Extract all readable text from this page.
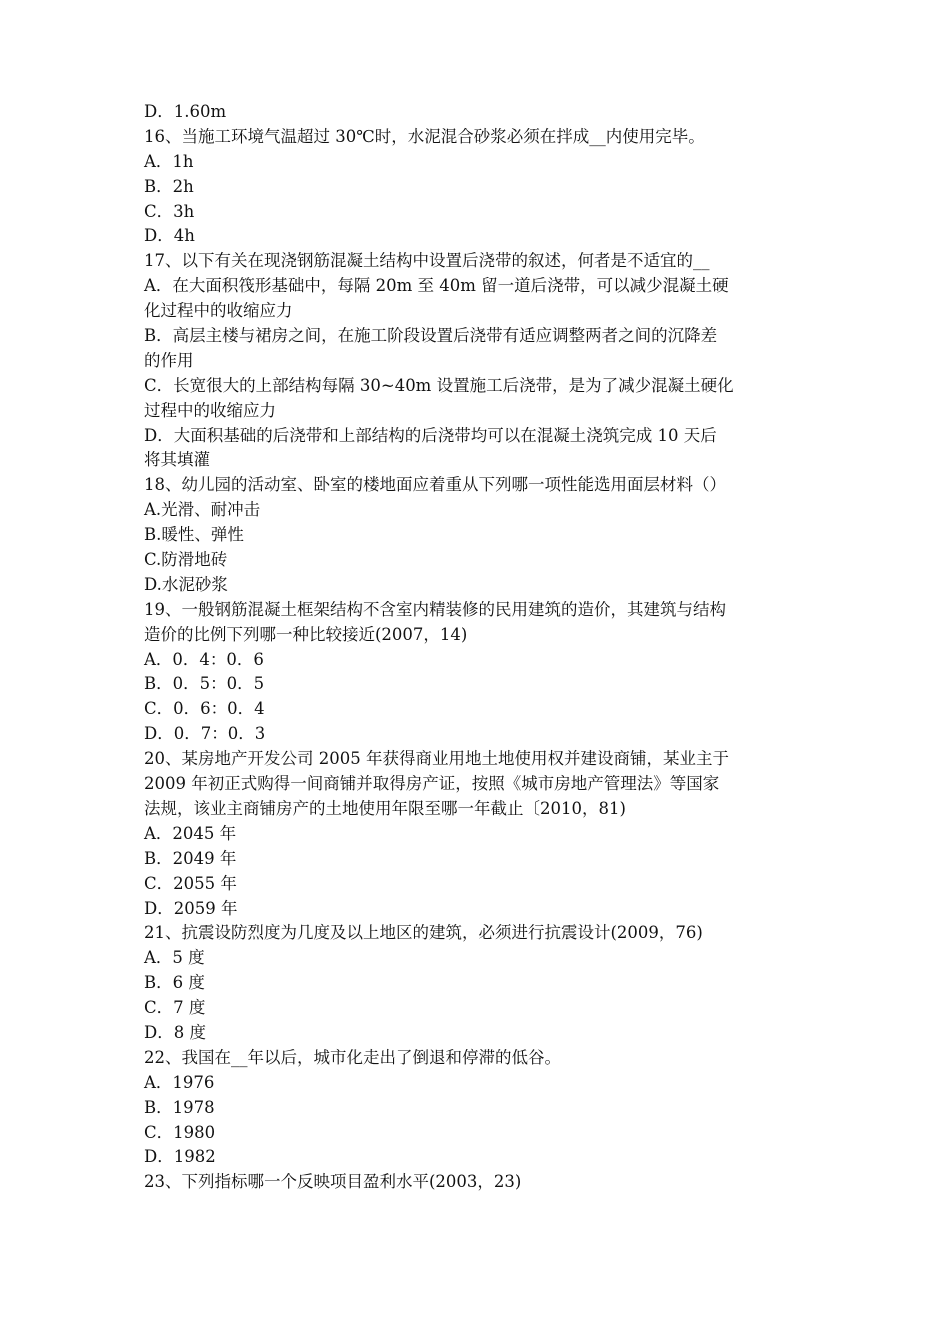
D．1.60m
16、当施工环境气温超过 30℃时，水泥混合砂浆必须在拌成__内使用完毕。
A．1h
B．2h
C．3h
D．4h
17、以下有关在现浇钢筋混凝土结构中设置后浇带的叙述，何者是不适宜的__
A．在大面积筏形基础中，每隔 20m 至 40m 留一道后浇带，可以减少混凝土硬
化过程中的收缩应力
B．高层主楼与裙房之间，在施工阶段设置后浇带有适应调整两者之间的沉降差
的作用
C．长宽很大的上部结构每隔 30~40m 设置施工后浇带，是为了减少混凝土硬化
过程中的收缩应力
D．大面积基础的后浇带和上部结构的后浇带均可以在混凝土浇筑完成 10 天后
将其填灌
18、幼儿园的活动室、卧室的楼地面应着重从下列哪一项性能选用面层材料（）
A.光滑、耐冲击
B.暖性、弹性
C.防滑地砖
D.水泥砂浆
19、一般钢筋混凝土框架结构不含室内精装修的民用建筑的造价，其建筑与结构
造价的比例下列哪一种比较接近(2007，14)
A．0．4：0．6
B．0．5：0．5
C．0．6：0．4
D．0．7：0．3
20、某房地产开发公司 2005 年获得商业用地土地使用权并建设商铺，某业主于
2009 年初正式购得一间商铺并取得房产证，按照《城市房地产管理法》等国家
法规，该业主商铺房产的土地使用年限至哪一年截止〔2010，81)
A．2045 年
B．2049 年
C．2055 年
D．2059 年
21、抗震设防烈度为几度及以上地区的建筑，必须进行抗震设计(2009，76)
A．5 度
B．6 度
C．7 度
D．8 度
22、我国在__年以后，城市化走出了倒退和停滞的低谷。
A．1976
B．1978
C．1980
D．1982
23、下列指标哪一个反映项目盈利水平(2003，23)
